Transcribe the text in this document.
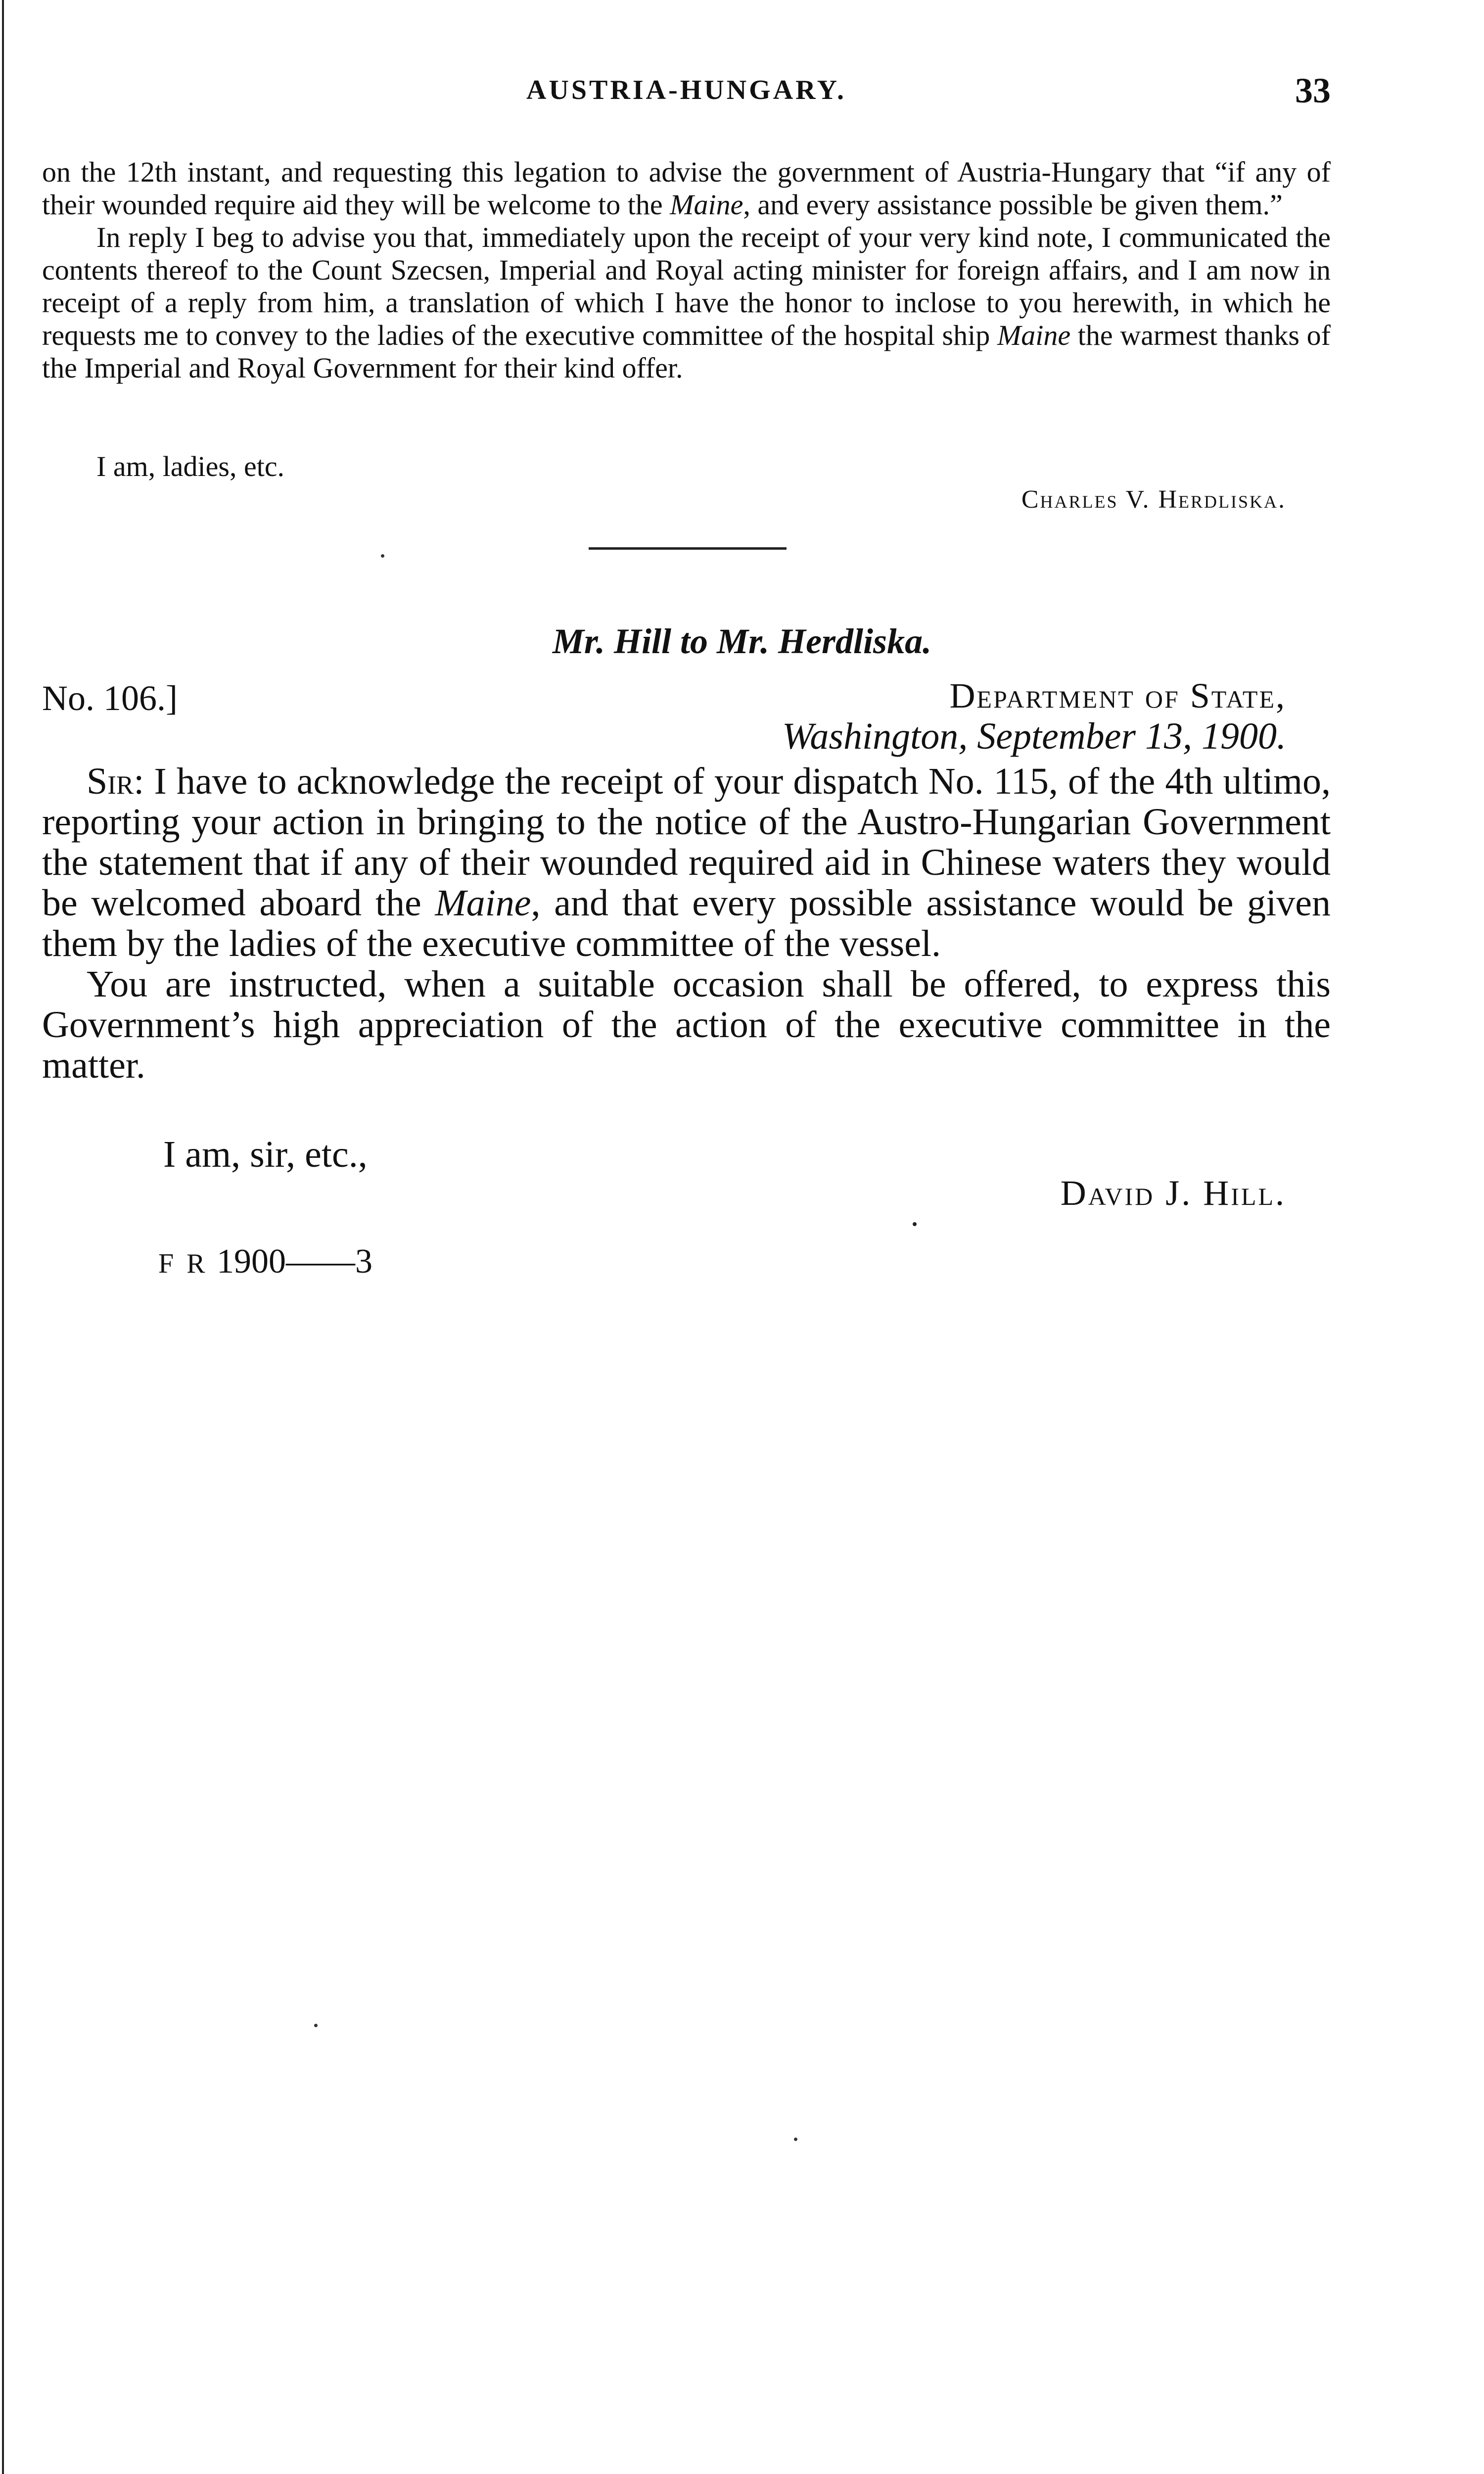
AUSTRIA-HUNGARY.	33

on the 12th instant, and requesting this legation to advise the government of Austria-Hungary that “if any of their wounded require aid they will be welcome to the Maine, and every assistance possible be given them.”

In reply I beg to advise you that, immediately upon the receipt of your very kind note, I communicated the contents thereof to the Count Szecsen, Imperial and Royal acting minister for foreign affairs, and I am now in receipt of a reply from him, a translation of which I have the honor to inclose to you herewith, in which he requests me to convey to the ladies of the executive committee of the hospital ship Maine the warmest thanks of the Imperial and Royal Government for their kind offer.

I am, ladies, etc.
Charles V. Herdliska.
Mr. Hill to Mr. Herdliska.
No. 106.]	Department of State,
Washington, September 13, 1900.

Sir: I have to acknowledge the receipt of your dispatch No. 115, of the 4th ultimo, reporting your action in bringing to the notice of the Austro-Hungarian Government the statement that if any of their wounded required aid in Chinese waters they would be welcomed aboard the Maine, and that every possible assistance would be given them by the ladies of the executive committee of the vessel.

You are instructed, when a suitable occasion shall be offered, to express this Government’s high appreciation of the action of the executive committee in the matter.

I am, sir, etc.,
David J. Hill.
F R 1900——3
